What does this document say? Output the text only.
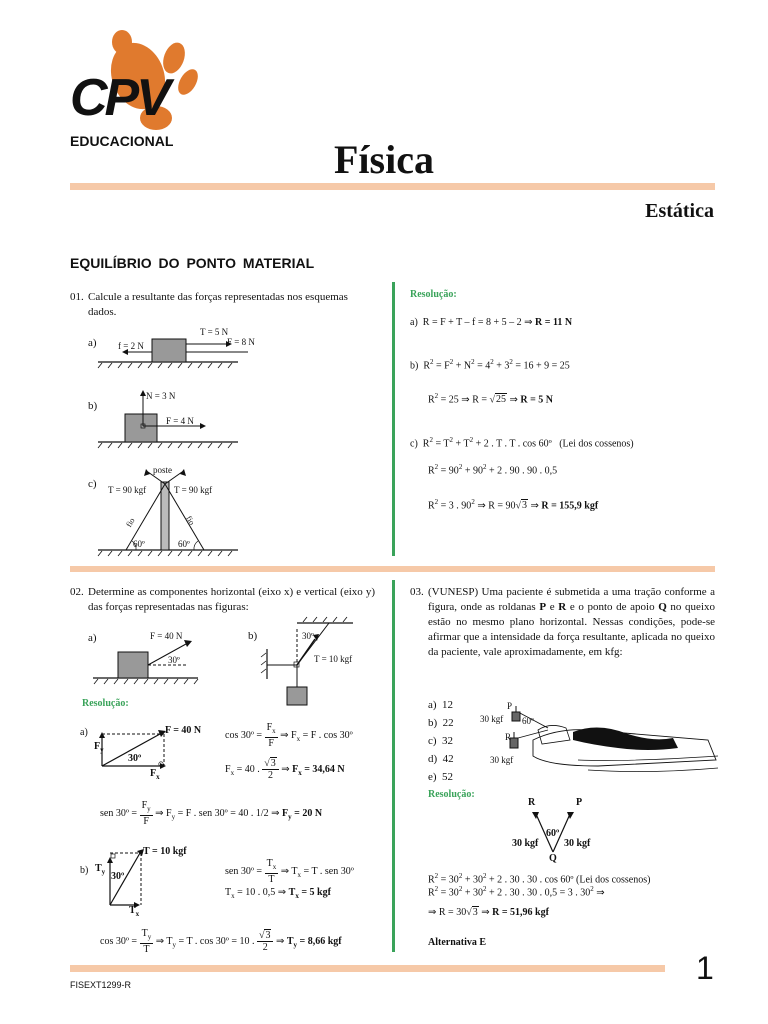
CPV
EDUCACIONAL	Física
Estática
EQUILÍBRIO DO PONTO MATERIAL
01. Calcule a resultante das forças representadas nos esquemas dados.
a)
T = 5 N
f = 2 N	F = 8 N
b)
N = 3 N
F = 4 N
c)
poste
T = 90 kgf	T = 90 kgf
fio	fio
60º	60º
Resolução:
a) R = F + T – f = 8 + 5 – 2 ⇒ R = 11 N
b)  $R^2 = F^2 + N^2 = 4^2 + 3^2 = 16 + 9 = 25$
$R^2 = 25$ ⇒ R = √25 ⇒ R = 5 N
c)  $R^2 = T^2 + T^2 + 2$ . T . T . cos 60º   (Lei dos cossenos)
$R^2 = 90^2 + 90^2 + 2$ . 90 . 90 . 0,5
$R^2 = 3$ . $90^2$ ⇒ R = 90√3 ⇒ R = 155,9 kgf
02. Determine as componentes horizontal (eixo x) e vertical (eixo y) das forças representadas nas figuras:
a)	F = 40 N
30º
b)	30º
T = 10 kgf
Resolução:
a)	F = 40 N
$F_y$
$F_x$
30º
cos 30º = $\frac{F_x}{F}$ ⇒ $F_x = F$ . cos 30º
$F_x = 40$ . $\frac{√3}{2}$ ⇒ $F_x = 34,64$ N
sen 30º = $\frac{F_y}{F}$ ⇒ $F_y = F$ . sen 30º = 40 . 1/2 ⇒ $F_y = 20$ N
b)
T = 10 kgf
$T_y$
$T_x$
30º	sen 30º = $\frac{T_x}{T}$ ⇒ $T_x = T$ . sen 30º
$T_x = 10$ . 0,5 ⇒ $T_x = 5$ kgf
cos 30º = $\frac{T_y}{T}$ ⇒ $T_y = T$ . cos 30º = 10 . $\frac{√3}{2}$ ⇒ $T_y = 8,66$ kgf
03. (VUNESP) Uma paciente é submetida a uma tração conforme a figura, onde as roldanas P e R e o ponto de apoio Q no queixo estão no mesmo plano horizontal. Nessas condições, pode-se afirmar que a intensidade da força resultante, aplicada no queixo da paciente, vale aproximadamente, em kfg:
a) 12
b) 22
c) 32
d) 42
e) 52
P
R
30 kgf
30 kgf
60º
Resolução:
R	P
Q
30 kgf	30 kgf
60º
$R^2 = 30^2 + 30^2 + 2$ . 30 . 30 . cos 60º (Lei dos cossenos)
$R^2 = 30^2 + 30^2 + 2$ . 30 . 30 . 0,5 = 3 . $30^2$ ⇒
⇒ R = 30√3 ⇒ R = 51,96 kgf
Alternativa E
1
FISEXT1299-R
